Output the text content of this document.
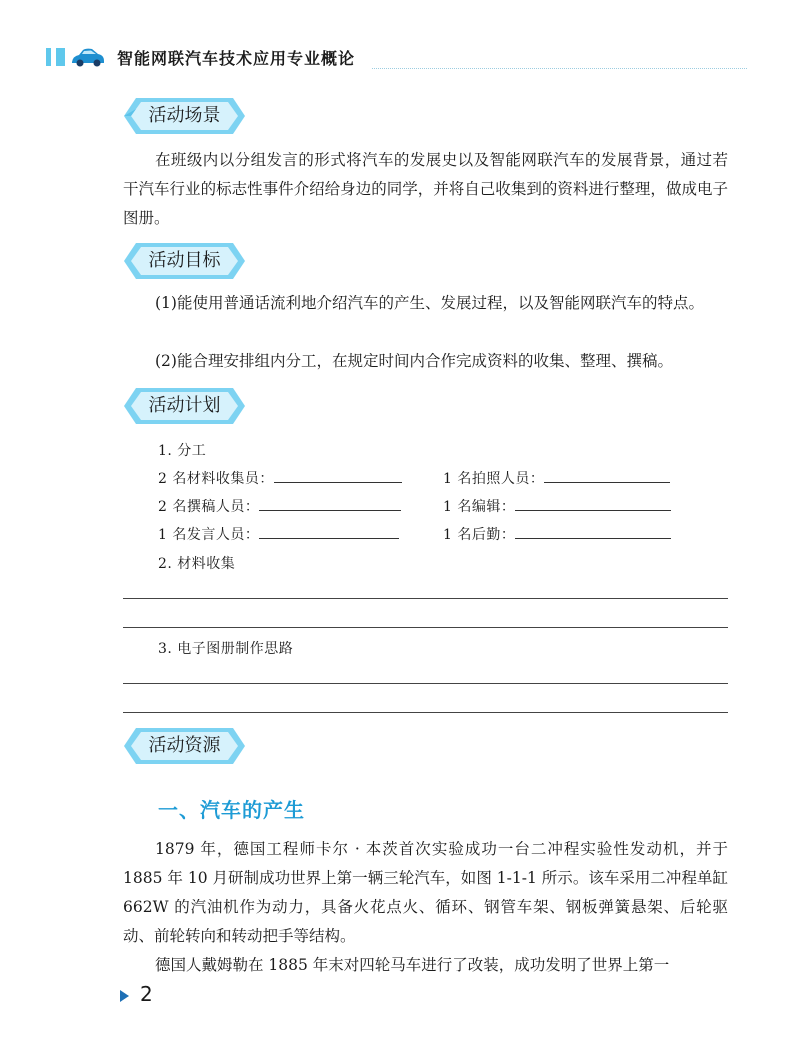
智能网联汽车技术应用专业概论
活动场景

在班级内以分组发言的形式将汽车的发展史以及智能网联汽车的发展背景，通过若干汽车行业的标志性事件介绍给身边的同学，并将自己收集到的资料进行整理，做成电子图册。

活动目标

(1)能使用普通话流利地介绍汽车的产生、发展过程，以及智能网联汽车的特点。

(2)能合理安排组内分工，在规定时间内合作完成资料的收集、整理、撰稿。

活动计划
1. 分工
2 名材料收集员：	1 名拍照人员：
2 名撰稿人员：	1 名编辑：
1 名发言人员：	1 名后勤：
2. 材料收集
3. 电子图册制作思路
活动资源
一、汽车的产生

1879 年，德国工程师卡尔 · 本茨首次实验成功一台二冲程实验性发动机，并于 1885 年 10 月研制成功世界上第一辆三轮汽车，如图 1-1-1 所示。该车采用二冲程单缸 662W 的汽油机作为动力，具备火花点火、循环、钢管车架、钢板弹簧悬架、后轮驱动、前轮转向和转动把手等结构。

德国人戴姆勒在 1885 年末对四轮马车进行了改装，成功发明了世界上第一

2
